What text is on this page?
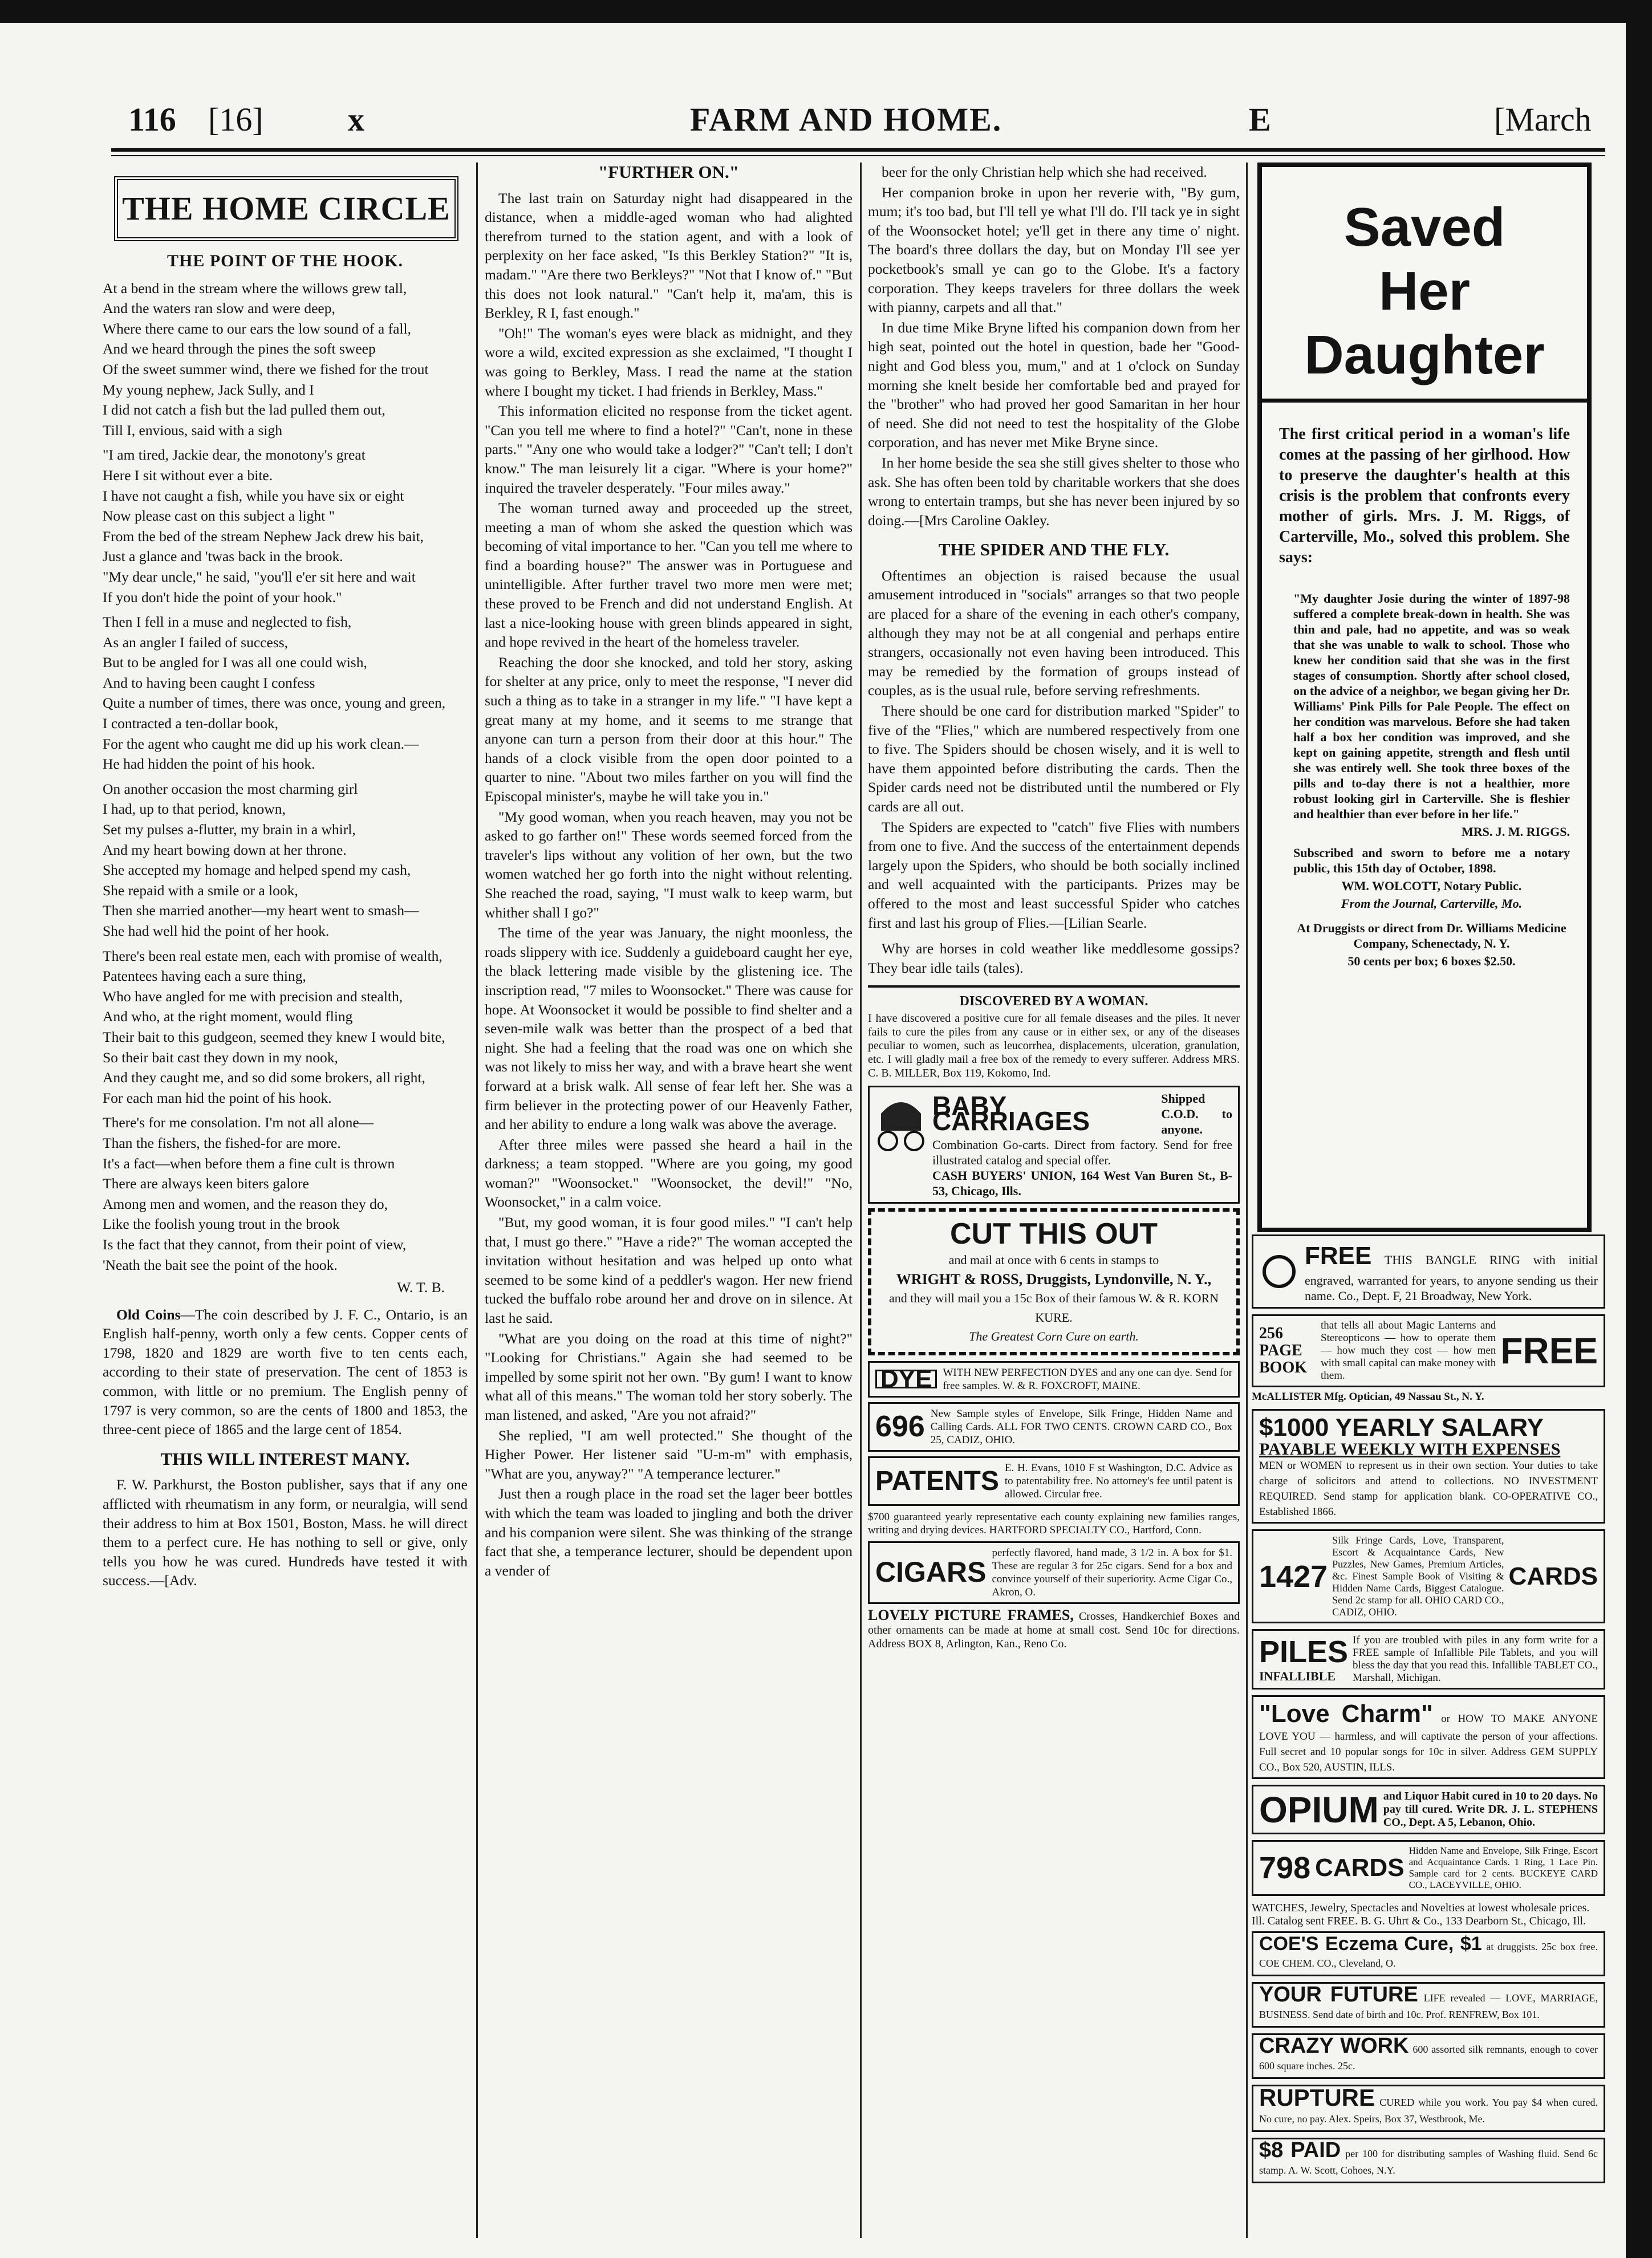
116 [16]	x	FARM AND HOME.	E	[March
THE HOME CIRCLE
THE POINT OF THE HOOK.

At a bend in the stream where the willows grew tall,

And the waters ran slow and were deep,

Where there came to our ears the low sound of a fall,

And we heard through the pines the soft sweep

Of the sweet summer wind, there we fished for the trout

My young nephew, Jack Sully, and I

I did not catch a fish but the lad pulled them out,

Till I, envious, said with a sigh

"I am tired, Jackie dear, the monotony's great

Here I sit without ever a bite.

I have not caught a fish, while you have six or eight

Now please cast on this subject a light "

From the bed of the stream Nephew Jack drew his bait,

Just a glance and 'twas back in the brook.

"My dear uncle," he said, "you'll e'er sit here and wait

If you don't hide the point of your hook."

Then I fell in a muse and neglected to fish,

As an angler I failed of success,

But to be angled for I was all one could wish,

And to having been caught I confess

Quite a number of times, there was once, young and green,

I contracted a ten-dollar book,

For the agent who caught me did up his work clean.—

He had hidden the point of his hook.

On another occasion the most charming girl

I had, up to that period, known,

Set my pulses a-flutter, my brain in a whirl,

And my heart bowing down at her throne.

She accepted my homage and helped spend my cash,

She repaid with a smile or a look,

Then she married another—my heart went to smash—

She had well hid the point of her hook.

There's been real estate men, each with promise of wealth,

Patentees having each a sure thing,

Who have angled for me with precision and stealth,

And who, at the right moment, would fling

Their bait to this gudgeon, seemed they knew I would bite,

So their bait cast they down in my nook,

And they caught me, and so did some brokers, all right,

For each man hid the point of his hook.

There's for me consolation. I'm not all alone—

Than the fishers, the fished-for are more.

It's a fact—when before them a fine cult is thrown

There are always keen biters galore

Among men and women, and the reason they do,

Like the foolish young trout in the brook

Is the fact that they cannot, from their point of view,

'Neath the bait see the point of the hook.

W. T. B.

Old Coins—The coin described by J. F. C., Ontario, is an English half-penny, worth only a few cents. Copper cents of 1798, 1820 and 1829 are worth five to ten cents each, according to their state of preservation. The cent of 1853 is common, with little or no premium. The English penny of 1797 is very common, so are the cents of 1800 and 1853, the three-cent piece of 1865 and the large cent of 1854.

THIS WILL INTEREST MANY.

F. W. Parkhurst, the Boston publisher, says that if any one afflicted with rheumatism in any form, or neuralgia, will send their address to him at Box 1501, Boston, Mass. he will direct them to a perfect cure. He has nothing to sell or give, only tells you how he was cured. Hundreds have tested it with success.—[Adv.

"FURTHER ON."

The last train on Saturday night had disappeared in the distance, when a middle-aged woman who had alighted therefrom turned to the station agent, and with a look of perplexity on her face asked, "Is this Berkley Station?" "It is, madam." "Are there two Berkleys?" "Not that I know of." "But this does not look natural." "Can't help it, ma'am, this is Berkley, R I, fast enough."

"Oh!" The woman's eyes were black as midnight, and they wore a wild, excited expression as she exclaimed, "I thought I was going to Berkley, Mass. I read the name at the station where I bought my ticket. I had friends in Berkley, Mass."

This information elicited no response from the ticket agent. "Can you tell me where to find a hotel?" "Can't, none in these parts." "Any one who would take a lodger?" "Can't tell; I don't know." The man leisurely lit a cigar. "Where is your home?" inquired the traveler desperately. "Four miles away."

The woman turned away and proceeded up the street, meeting a man of whom she asked the question which was becoming of vital importance to her. "Can you tell me where to find a boarding house?" The answer was in Portuguese and unintelligible. After further travel two more men were met; these proved to be French and did not understand English. At last a nice-looking house with green blinds appeared in sight, and hope revived in the heart of the homeless traveler.

Reaching the door she knocked, and told her story, asking for shelter at any price, only to meet the response, "I never did such a thing as to take in a stranger in my life." "I have kept a great many at my home, and it seems to me strange that anyone can turn a person from their door at this hour." The hands of a clock visible from the open door pointed to a quarter to nine. "About two miles farther on you will find the Episcopal minister's, maybe he will take you in."

"My good woman, when you reach heaven, may you not be asked to go farther on!" These words seemed forced from the traveler's lips without any volition of her own, but the two women watched her go forth into the night without relenting. She reached the road, saying, "I must walk to keep warm, but whither shall I go?"

The time of the year was January, the night moonless, the roads slippery with ice. Suddenly a guideboard caught her eye, the black lettering made visible by the glistening ice. The inscription read, "7 miles to Woonsocket." There was cause for hope. At Woonsocket it would be possible to find shelter and a seven-mile walk was better than the prospect of a bed that night. She had a feeling that the road was one on which she was not likely to miss her way, and with a brave heart she went forward at a brisk walk. All sense of fear left her. She was a firm believer in the protecting power of our Heavenly Father, and her ability to endure a long walk was above the average.

After three miles were passed she heard a hail in the darkness; a team stopped. "Where are you going, my good woman?" "Woonsocket." "Woonsocket, the devil!" "No, Woonsocket," in a calm voice.

"But, my good woman, it is four good miles." "I can't help that, I must go there." "Have a ride?" The woman accepted the invitation without hesitation and was helped up onto what seemed to be some kind of a peddler's wagon. Her new friend tucked the buffalo robe around her and drove on in silence. At last he said.

"What are you doing on the road at this time of night?" "Looking for Christians." Again she had seemed to be impelled by some spirit not her own. "By gum! I want to know what all of this means." The woman told her story soberly. The man listened, and asked, "Are you not afraid?"

She replied, "I am well protected." She thought of the Higher Power. Her listener said "U-m-m" with emphasis, "What are you, anyway?" "A temperance lecturer."

Just then a rough place in the road set the lager beer bottles with which the team was loaded to jingling and both the driver and his companion were silent. She was thinking of the strange fact that she, a temperance lecturer, should be dependent upon a vender of

beer for the only Christian help which she had received.

Her companion broke in upon her reverie with, "By gum, mum; it's too bad, but I'll tell ye what I'll do. I'll tack ye in sight of the Woonsocket hotel; ye'll get in there any time o' night. The board's three dollars the day, but on Monday I'll see yer pocketbook's small ye can go to the Globe. It's a factory corporation. They keeps travelers for three dollars the week with pianny, carpets and all that."

In due time Mike Bryne lifted his companion down from her high seat, pointed out the hotel in question, bade her "Good-night and God bless you, mum," and at 1 o'clock on Sunday morning she knelt beside her comfortable bed and prayed for the "brother" who had proved her good Samaritan in her hour of need. She did not need to test the hospitality of the Globe corporation, and has never met Mike Bryne since.

In her home beside the sea she still gives shelter to those who ask. She has often been told by charitable workers that she does wrong to entertain tramps, but she has never been injured by so doing.—[Mrs Caroline Oakley.

THE SPIDER AND THE FLY.

Oftentimes an objection is raised because the usual amusement introduced in "socials" arranges so that two people are placed for a share of the evening in each other's company, although they may not be at all congenial and perhaps entire strangers, occasionally not even having been introduced. This may be remedied by the formation of groups instead of couples, as is the usual rule, before serving refreshments.

There should be one card for distribution marked "Spider" to five of the "Flies," which are numbered respectively from one to five. The Spiders should be chosen wisely, and it is well to have them appointed before distributing the cards. Then the Spider cards need not be distributed until the numbered or Fly cards are all out.

The Spiders are expected to "catch" five Flies with numbers from one to five. And the success of the entertainment depends largely upon the Spiders, who should be both socially inclined and well acquainted with the participants. Prizes may be offered to the most and least successful Spider who catches first and last his group of Flies.—[Lilian Searle.

Why are horses in cold weather like meddlesome gossips? They bear idle tails (tales).

DISCOVERED BY A WOMAN.
I have discovered a positive cure for all female diseases and the piles. It never fails to cure the piles from any cause or in either sex, or any of the diseases peculiar to women, such as leucorrhea, displacements, ulceration, granulation, etc. I will gladly mail a free box of the remedy to every sufferer. Address MRS. C. B. MILLER, Box 119, Kokomo, Ind.
BABY CARRIAGES
Shipped C.O.D. to anyone.
Combination Go-carts. Direct from factory. Send for free illustrated catalog and special offer.
CASH BUYERS' UNION, 164 West Van Buren St., B-53, Chicago, Ills.
CUT THIS OUT
and mail at once with 6 cents in stamps to
WRIGHT & ROSS, Druggists, Lyndonville, N. Y.,
and they will mail you a 15c Box of their famous W. & R. KORN KURE.
The Greatest Corn Cure on earth.
DYE	WITH NEW PERFECTION DYES and any one can dye. Send for free samples. W. & R. FOXCROFT, MAINE.
696 New Sample styles of Envelope, Silk Fringe, Hidden Name and Calling Cards. ALL FOR TWO CENTS. CROWN CARD CO., Box 25, CADIZ, OHIO.
PATENTS E. H. Evans, 1010 F st Washington, D.C. Advice as to patentability free. No attorney's fee until patent is allowed. Circular free.
$700 guaranteed yearly representative each county explaining new families ranges, writing and drying devices. HARTFORD SPECIALTY CO., Hartford, Conn.
CIGARS
perfectly flavored, hand made, 3 1/2 in. A box for $1. These are regular 3 for 25c cigars. Send for a box and convince yourself of their superiority. Acme Cigar Co., Akron, O.
LOVELY PICTURE FRAMES, Crosses, Handkerchief Boxes and other ornaments can be made at home at small cost. Send 10c for directions. Address BOX 8, Arlington, Kan., Reno Co.
Saved
Her
Daughter
The first critical period in a woman's life comes at the passing of her girlhood. How to preserve the daughter's health at this crisis is the problem that confronts every mother of girls. Mrs. J. M. Riggs, of Carterville, Mo., solved this problem. She says:
"My daughter Josie during the winter of 1897-98 suffered a complete break-down in health. She was thin and pale, had no appetite, and was so weak that she was unable to walk to school. Those who knew her condition said that she was in the first stages of consumption. Shortly after school closed, on the advice of a neighbor, we began giving her Dr. Williams' Pink Pills for Pale People. The effect on her condition was marvelous. Before she had taken half a box her condition was improved, and she kept on gaining appetite, strength and flesh until she was entirely well. She took three boxes of the pills and to-day there is not a healthier, more robust looking girl in Carterville. She is fleshier and healthier than ever before in her life."
MRS. J. M. RIGGS.
Subscribed and sworn to before me a notary public, this 15th day of October, 1898.
WM. WOLCOTT, Notary Public.
From the Journal, Carterville, Mo.
At Druggists or direct from Dr. Williams Medicine Company, Schenectady, N. Y.
50 cents per box; 6 boxes $2.50.
FREE THIS BANGLE RING with initial engraved, warranted for years, to anyone sending us their name. Co., Dept. F, 21 Broadway, New York.
256 PAGE BOOK
that tells all about Magic Lanterns and Stereopticons — how to operate them — how much they cost — how men with small capital can make money with them.
FREE
McALLISTER Mfg. Optician, 49 Nassau St., N. Y.
$1000 YEARLY SALARY
PAYABLE WEEKLY WITH EXPENSES
MEN or WOMEN to represent us in their own section. Your duties to take charge of solicitors and attend to collections. NO INVESTMENT REQUIRED. Send stamp for application blank. CO-OPERATIVE CO., Established 1866.
1427
Silk Fringe Cards, Love, Transparent, Escort & Acquaintance Cards, New Puzzles, New Games, Premium Articles, &c. Finest Sample Book of Visiting & Hidden Name Cards, Biggest Catalogue. Send 2c stamp for all. OHIO CARD CO., CADIZ, OHIO.
CARDS
PILES
INFALLIBLE
If you are troubled with piles in any form write for a FREE sample of Infallible Pile Tablets, and you will bless the day that you read this. Infallible TABLET CO., Marshall, Michigan.
"Love Charm" or HOW TO MAKE ANYONE LOVE YOU — harmless, and will captivate the person of your affections. Full secret and 10 popular songs for 10c in silver. Address GEM SUPPLY CO., Box 520, AUSTIN, ILLS.
OPIUM and Liquor Habit cured in 10 to 20 days. No pay till cured. Write DR. J. L. STEPHENS CO., Dept. A 5, Lebanon, Ohio.
798 CARDS
Hidden Name and Envelope, Silk Fringe, Escort and Acquaintance Cards. 1 Ring, 1 Lace Pin. Sample card for 2 cents. BUCKEYE CARD CO., LACEYVILLE, OHIO.
WATCHES, Jewelry, Spectacles and Novelties at lowest wholesale prices. Ill. Catalog sent FREE. B. G. Uhrt & Co., 133 Dearborn St., Chicago, Ill.
COE'S Eczema Cure, $1 at druggists. 25c box free. COE CHEM. CO., Cleveland, O.
YOUR FUTURE LIFE revealed — LOVE, MARRIAGE, BUSINESS. Send date of birth and 10c. Prof. RENFREW, Box 101.
CRAZY WORK 600 assorted silk remnants, enough to cover 600 square inches. 25c.
RUPTURE CURED while you work. You pay $4 when cured. No cure, no pay. Alex. Speirs, Box 37, Westbrook, Me.
$8 PAID per 100 for distributing samples of Washing fluid. Send 6c stamp. A. W. Scott, Cohoes, N.Y.
